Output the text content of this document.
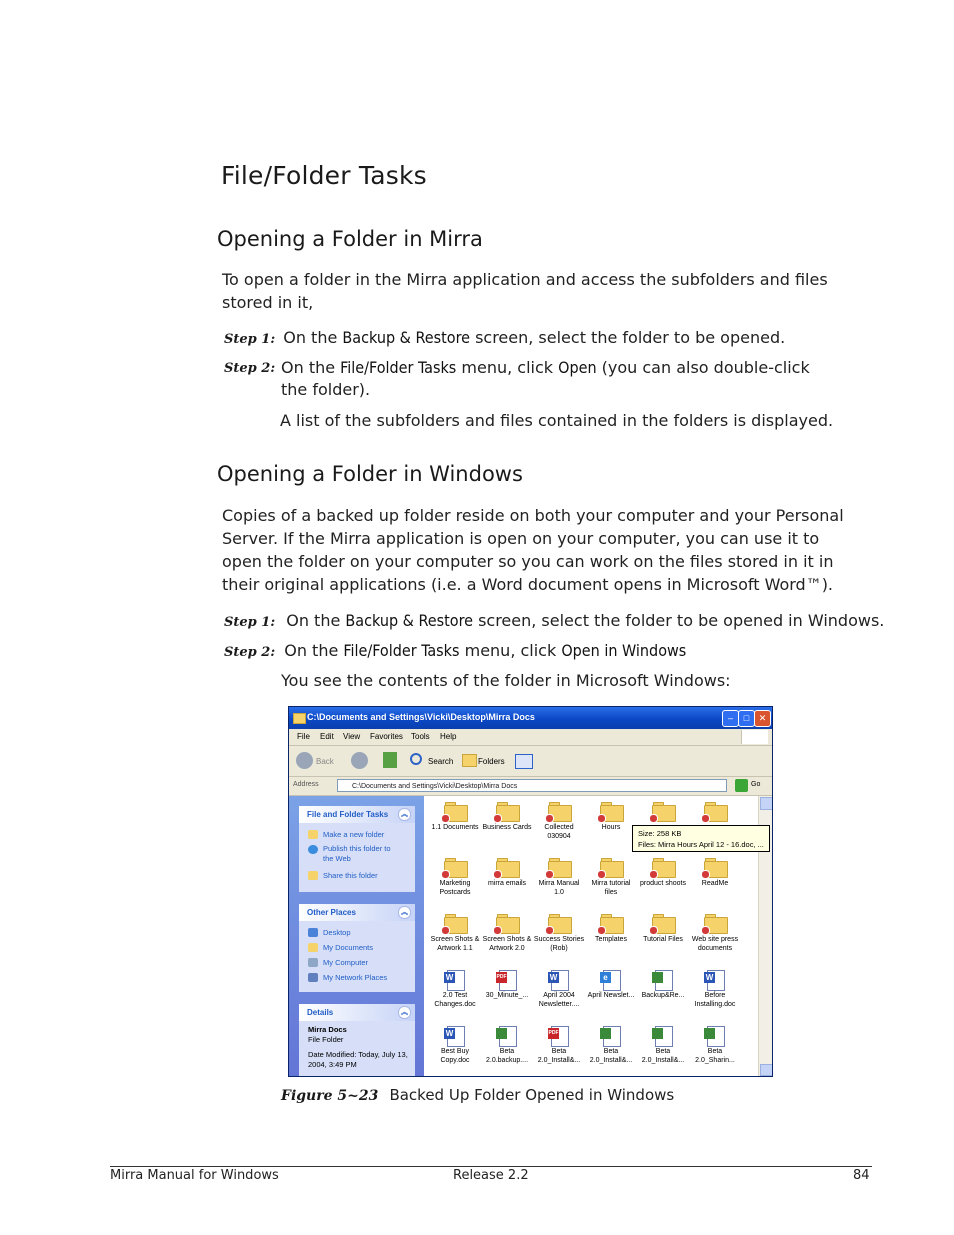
File/Folder Tasks
Opening a Folder in Mirra
To open a folder in the Mirra application and access the subfolders and files stored in it,
Step 1: On the Backup & Restore screen, select the folder to be opened.
Step 2: On the File/Folder Tasks menu, click Open (you can also double-click the folder).
A list of the subfolders and files contained in the folders is displayed.
Opening a Folder in Windows
Copies of a backed up folder reside on both your computer and your Personal Server. If the Mirra application is open on your computer, you can use it to open the folder on your computer so you can work on the files stored in it in their original applications (i.e. a Word document opens in Microsoft Word™).
Step 1: On the Backup & Restore screen, select the folder to be opened in Windows.
Step 2: On the File/Folder Tasks menu, click Open in Windows
You see the contents of the folder in Microsoft Windows:
C:\Documents and Settings\Vicki\Desktop\Mirra Docs	–	□	✕
File Edit View Favorites Tools Help
Back	Search	Folders
Address	C:\Documents and Settings\Vicki\Desktop\Mirra Docs	Go
File and Folder Tasks	︽
Make a new folder
Publish this folder to the Web
Share this folder
Other Places	︽
Desktop
My Documents
My Computer
My Network Places
Details	︽
Mirra Docs
File Folder
Date Modified: Today, July 13, 2004, 3:49 PM
1.1 Documents Business Cards	Collected 030904
Hours
Marketing Postcards
mirra emails	Mirra Manual 1.0
Mirra tutorial files
product shoots	ReadMe
Screen Shots & Artwork 1.1
Screen Shots & Artwork 2.0
Success Stories (Rob)
Templates	Tutorial Files	Web site press documents
W
2.0 Test Changes.doc
PDF
30_Minute_...
W
April 2004 Newsletter....
e
April Newslet...	Backup&Re...
W
Before Installing.doc
W
Best Buy Copy.doc
Beta 2.0.backup....
PDF
Beta 2.0_Install&...
Beta 2.0_Install&...
Beta 2.0_Install&...
Beta 2.0_Sharin...
Size: 258 KB
Files: Mirra Hours April 12 - 16.doc, ...
Figure 5~23 Backed Up Folder Opened in Windows
Mirra Manual for Windows	Release 2.2	84
